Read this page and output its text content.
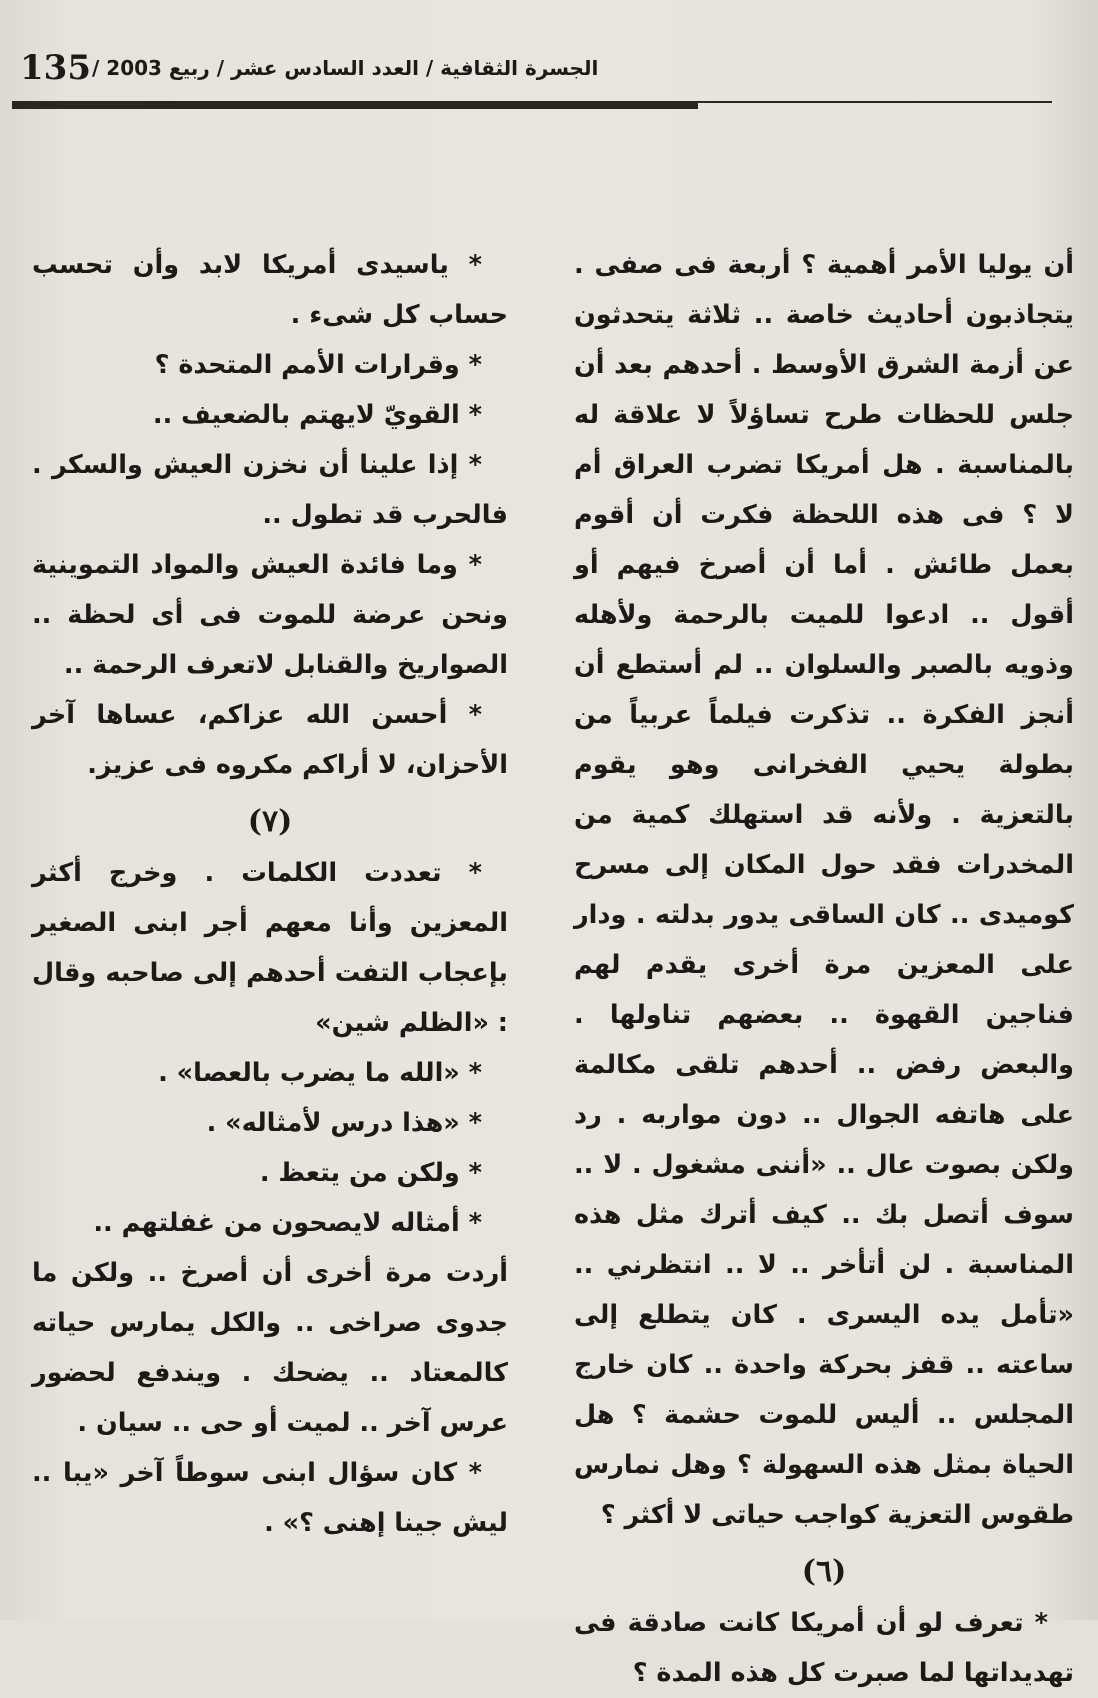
135 الجسرة الثقافية / العدد السادس عشر / ربيع 2003 /

أن يوليا الأمر أهمية ؟ أربعة فى صفى . يتجاذبون أحاديث خاصة .. ثلاثة يتحدثون عن أزمة الشرق الأوسط . أحدهم بعد أن جلس للحظات طرح تساؤلاً لا علاقة له بالمناسبة . هل أمريكا تضرب العراق أم لا ؟ فى هذه اللحظة فكرت أن أقوم بعمل طائش . أما أن أصرخ فيهم أو أقول .. ادعوا للميت بالرحمة ولأهله وذويه بالصبر والسلوان .. لم أستطع أن أنجز الفكرة .. تذكرت فيلماً عربياً من بطولة يحيي الفخرانى وهو يقوم بالتعزية . ولأنه قد استهلك كمية من المخدرات فقد حول المكان إلى مسرح كوميدى .. كان الساقى يدور بدلته . ودار على المعزين مرة أخرى يقدم لهم فناجين القهوة .. بعضهم تناولها . والبعض رفض .. أحدهم تلقى مكالمة على هاتفه الجوال .. دون مواربه . رد ولكن بصوت عال .. «أننى مشغول . لا .. سوف أتصل بك .. كيف أترك مثل هذه المناسبة . لن أتأخر .. لا .. انتظرني .. «تأمل يده اليسرى . كان يتطلع إلى ساعته .. قفز بحركة واحدة .. كان خارج المجلس .. أليس للموت حشمة ؟ هل الحياة بمثل هذه السهولة ؟ وهل نمارس طقوس التعزية كواجب حياتى لا أكثر ؟

(٦)

* تعرف لو أن أمريكا كانت صادقة فى تهديداتها لما صبرت كل هذه المدة ؟

* ياسيدى أمريكا لابد وأن تحسب حساب كل شىء .

* وقرارات الأمم المتحدة ؟

* القويّ لايهتم بالضعيف ..

* إذا علينا أن نخزن العيش والسكر . فالحرب قد تطول ..

* وما فائدة العيش والمواد التموينية ونحن عرضة للموت فى أى لحظة .. الصواريخ والقنابل لاتعرف الرحمة ..

* أحسن الله عزاكم، عساها آخر الأحزان، لا أراكم مكروه فى عزيز.

(٧)

* تعددت الكلمات . وخرج أكثر المعزين وأنا معهم أجر ابنى الصغير بإعجاب التفت أحدهم إلى صاحبه وقال : «الظلم شين»

* «الله ما يضرب بالعصا» .

* «هذا درس لأمثاله» .

* ولكن من يتعظ .

* أمثاله لايصحون من غفلتهم ..

أردت مرة أخرى أن أصرخ .. ولكن ما جدوى صراخى .. والكل يمارس حياته كالمعتاد .. يضحك . ويندفع لحضور عرس آخر .. لميت أو حى .. سيان .

* كان سؤال ابنى سوطاً آخر «يبا .. ليش جينا إهنى ؟» .
